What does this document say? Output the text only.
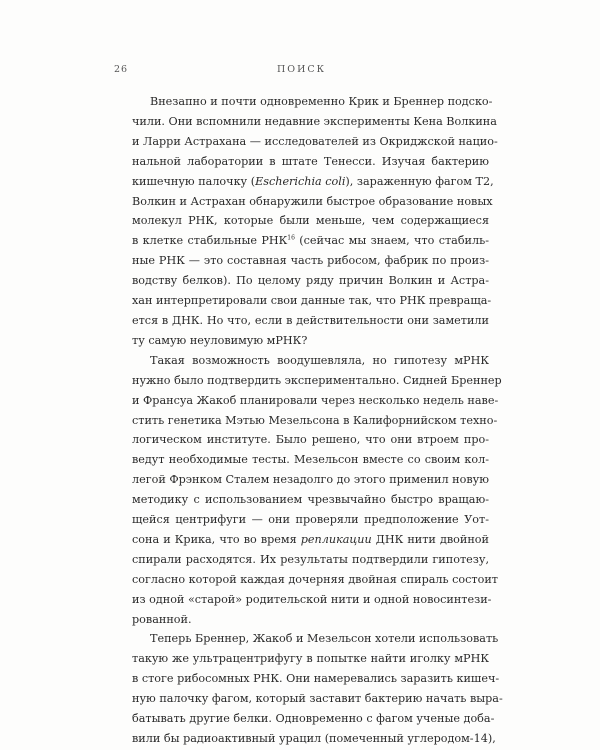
26	ПОИСК
Внезапно и почти одновременно Крик и Бреннер подско-
чили. Они вспомнили недавние эксперименты Кена Волкина
и Ларри Астрахана — исследователей из Окриджской нацио-
нальной лаборатории в штате Тенесси. Изучая бактерию
кишечную палочку (Escherichia coli), зараженную фагом Т2,
Волкин и Астрахан обнаружили быстрое образование новых
молекул РНК, которые были меньше, чем содержащиеся
в клетке стабильные РНК$^{16}$ (сейчас мы знаем, что стабиль-
ные РНК — это составная часть рибосом, фабрик по произ-
водству белков). По целому ряду причин Волкин и Астра-
хан интерпретировали свои данные так, что РНК превраща-
ется в ДНК. Но что, если в действительности они заметили
ту самую неуловимую мРНК?
Такая возможность воодушевляла, но гипотезу мРНК
нужно было подтвердить экспериментально. Сидней Бреннер
и Франсуа Жакоб планировали через несколько недель наве-
стить генетика Мэтью Мезельсона в Калифорнийском техно-
логическом институте. Было решено, что они втроем про-
ведут необходимые тесты. Мезельсон вместе со своим кол-
легой Фрэнком Сталем незадолго до этого применил новую
методику с использованием чрезвычайно быстро вращаю-
щейся центрифуги — они проверяли предположение Уот-
сона и Крика, что во время репликации ДНК нити двойной
спирали расходятся. Их результаты подтвердили гипотезу,
согласно которой каждая дочерняя двойная спираль состоит
из одной «старой» родительской нити и одной новосинтези-
рованной.
Теперь Бреннер, Жакоб и Мезельсон хотели использовать
такую же ультрацентрифугу в попытке найти иголку мРНК
в стоге рибосомных РНК. Они намеревались заразить кишеч-
ную палочку фагом, который заставит бактерию начать выра-
батывать другие белки. Одновременно с фагом ученые доба-
вили бы радиоактивный урацил (помеченный углеродом-14),
